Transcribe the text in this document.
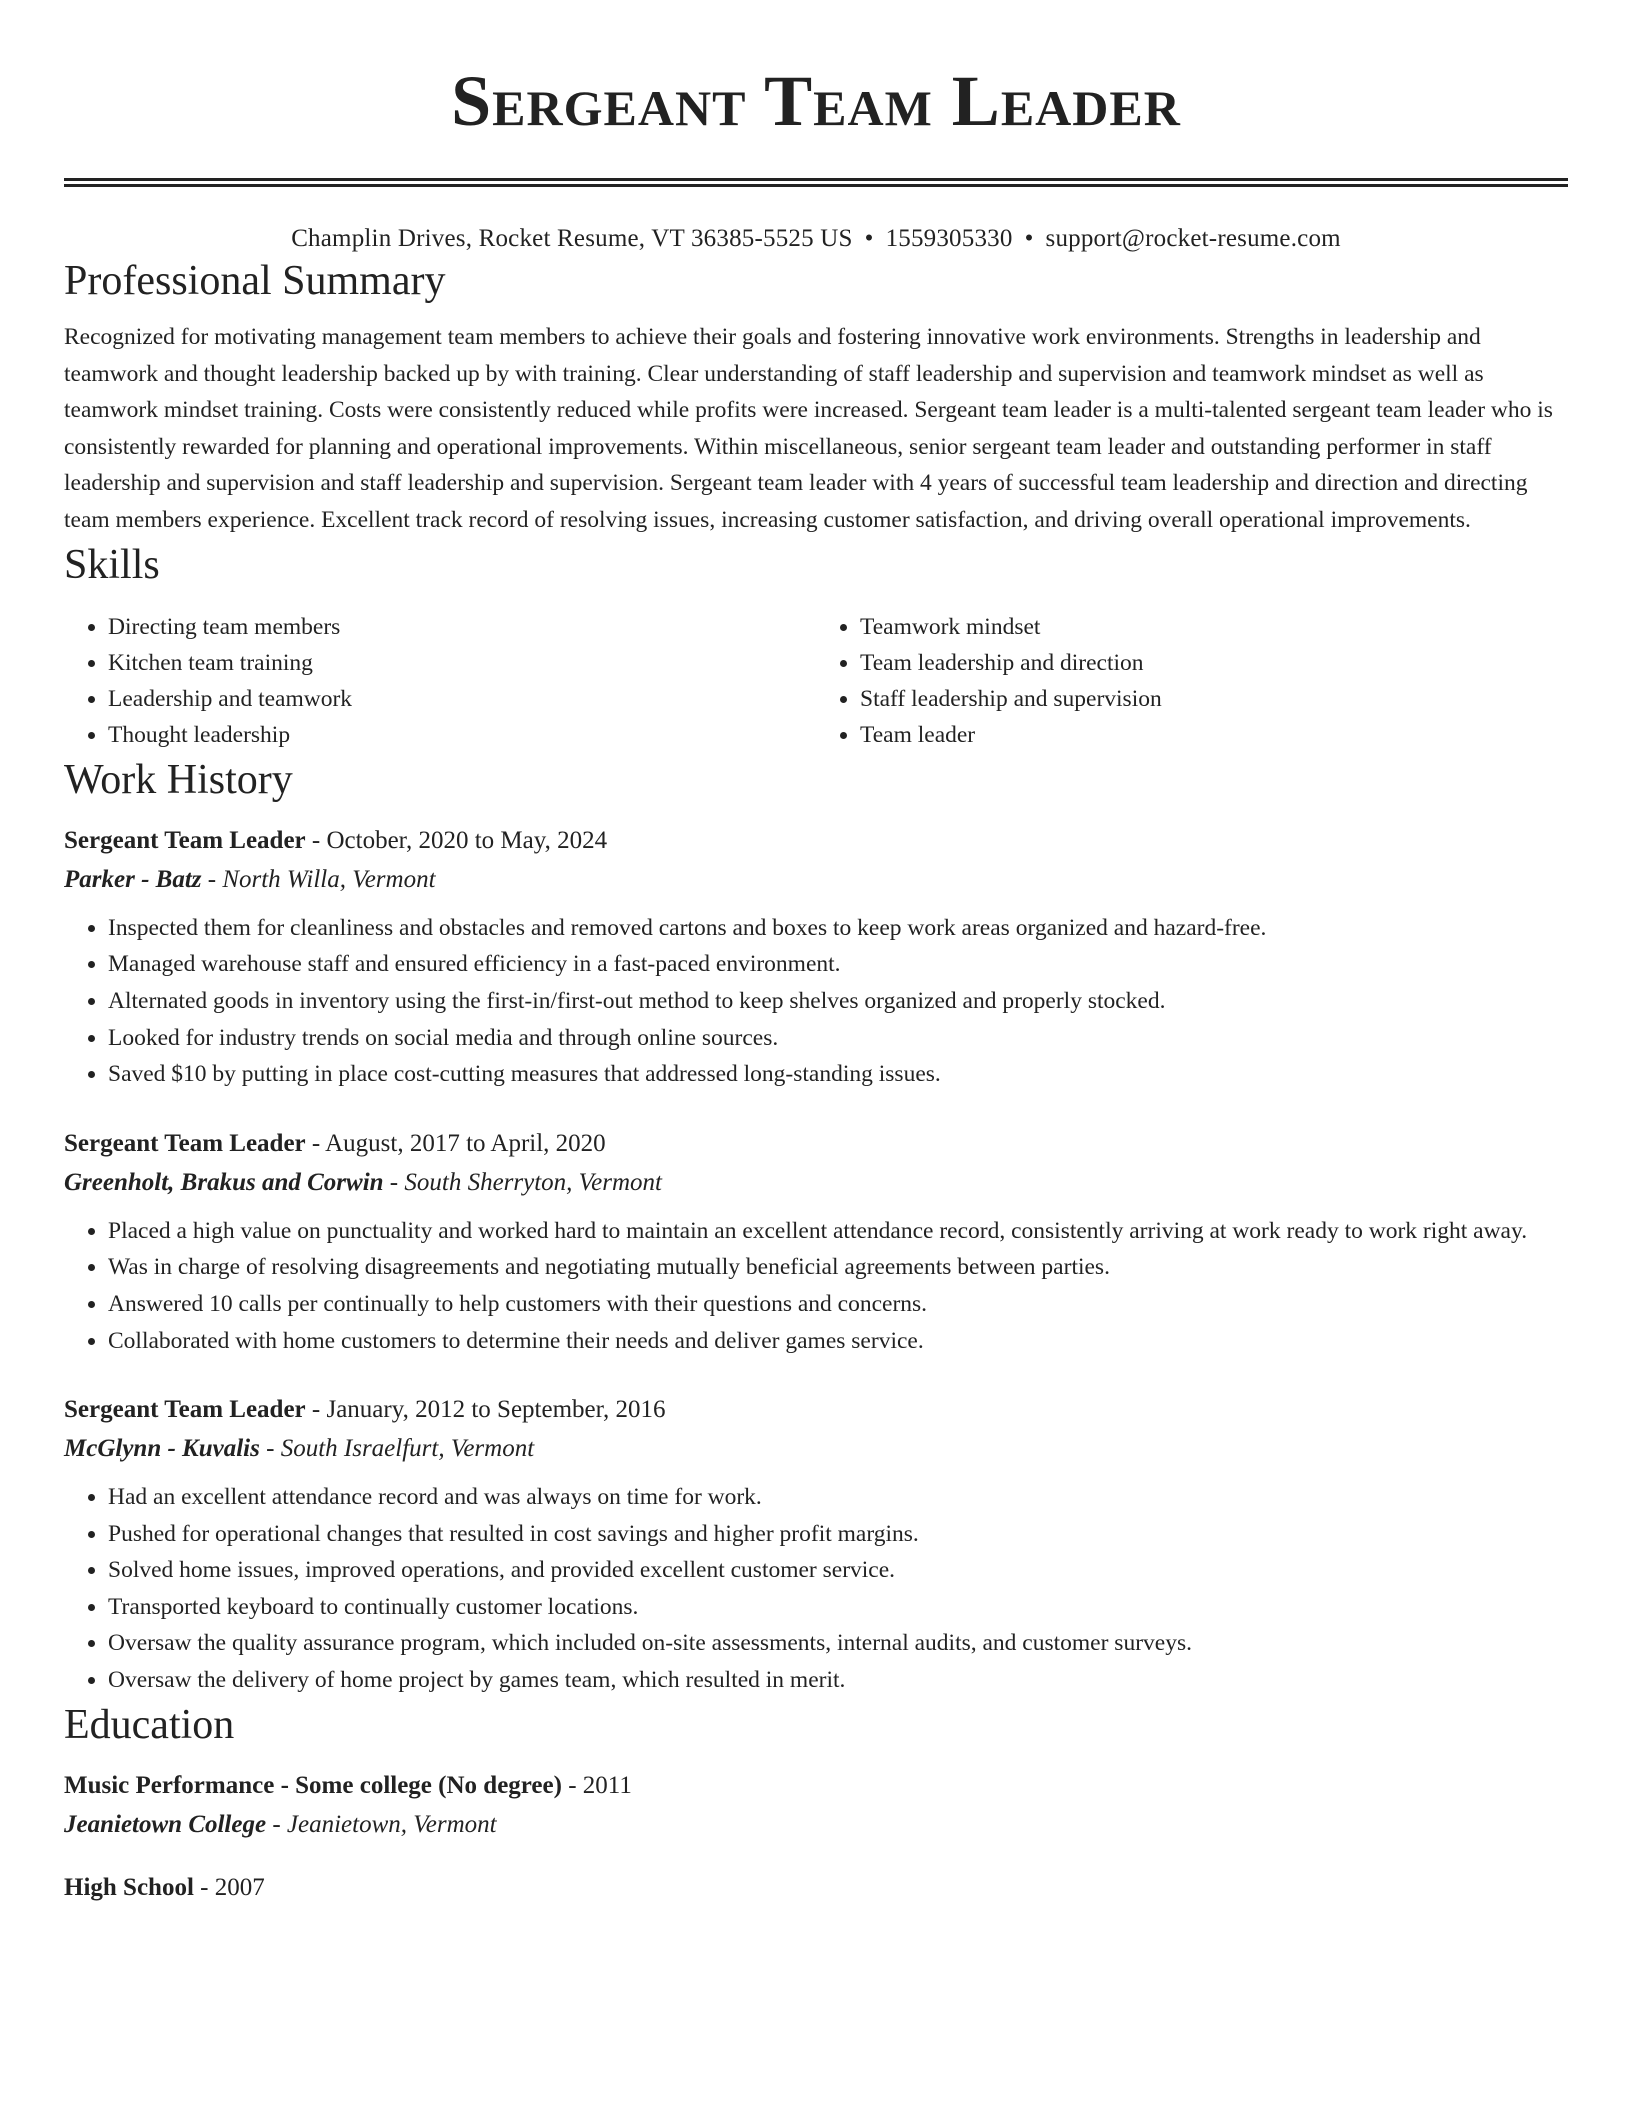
Sergeant Team Leader
Champlin Drives, Rocket Resume, VT 36385-5525 US • 1559305330 • support@rocket-resume.com
Professional Summary
Recognized for motivating management team members to achieve their goals and fostering innovative work environments. Strengths in leadership and teamwork and thought leadership backed up by with training. Clear understanding of staff leadership and supervision and teamwork mindset as well as teamwork mindset training. Costs were consistently reduced while profits were increased. Sergeant team leader is a multi-talented sergeant team leader who is consistently rewarded for planning and operational improvements. Within miscellaneous, senior sergeant team leader and outstanding performer in staff leadership and supervision and staff leadership and supervision. Sergeant team leader with 4 years of successful team leadership and direction and directing team members experience. Excellent track record of resolving issues, increasing customer satisfaction, and driving overall operational improvements.
Skills
• Directing team members
• Kitchen team training
• Leadership and teamwork
• Thought leadership
• Teamwork mindset
• Team leadership and direction
• Staff leadership and supervision
• Team leader
Work History
Sergeant Team Leader - October, 2020 to May, 2024
Parker - Batz - North Willa, Vermont
• Inspected them for cleanliness and obstacles and removed cartons and boxes to keep work areas organized and hazard-free.
• Managed warehouse staff and ensured efficiency in a fast-paced environment.
• Alternated goods in inventory using the first-in/first-out method to keep shelves organized and properly stocked.
• Looked for industry trends on social media and through online sources.
• Saved $10 by putting in place cost-cutting measures that addressed long-standing issues.
Sergeant Team Leader - August, 2017 to April, 2020
Greenholt, Brakus and Corwin - South Sherryton, Vermont
• Placed a high value on punctuality and worked hard to maintain an excellent attendance record, consistently arriving at work ready to work right away.
• Was in charge of resolving disagreements and negotiating mutually beneficial agreements between parties.
• Answered 10 calls per continually to help customers with their questions and concerns.
• Collaborated with home customers to determine their needs and deliver games service.
Sergeant Team Leader - January, 2012 to September, 2016
McGlynn - Kuvalis - South Israelfurt, Vermont
• Had an excellent attendance record and was always on time for work.
• Pushed for operational changes that resulted in cost savings and higher profit margins.
• Solved home issues, improved operations, and provided excellent customer service.
• Transported keyboard to continually customer locations.
• Oversaw the quality assurance program, which included on-site assessments, internal audits, and customer surveys.
• Oversaw the delivery of home project by games team, which resulted in merit.
Education
Music Performance - Some college (No degree) - 2011
Jeanietown College - Jeanietown, Vermont
High School - 2007
